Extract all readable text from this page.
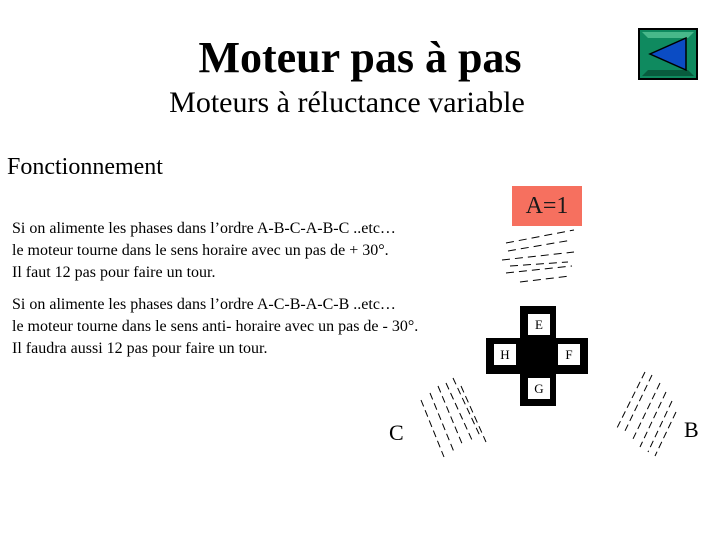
Moteur pas à pas
Moteurs à réluctance variable
Fonctionnement
Si on alimente les phases dans l’ordre A-B-C-A-B-C ..etc…
le moteur tourne dans le sens horaire avec un pas de + 30°.
Il faut 12 pas pour faire un tour.
Si on alimente les phases dans l’ordre A-C-B-A-C-B ..etc…
le moteur tourne dans le sens anti- horaire avec un pas de - 30°.
Il faudra aussi 12 pas pour faire un tour.
A=1
E
H	F
G
C	B
